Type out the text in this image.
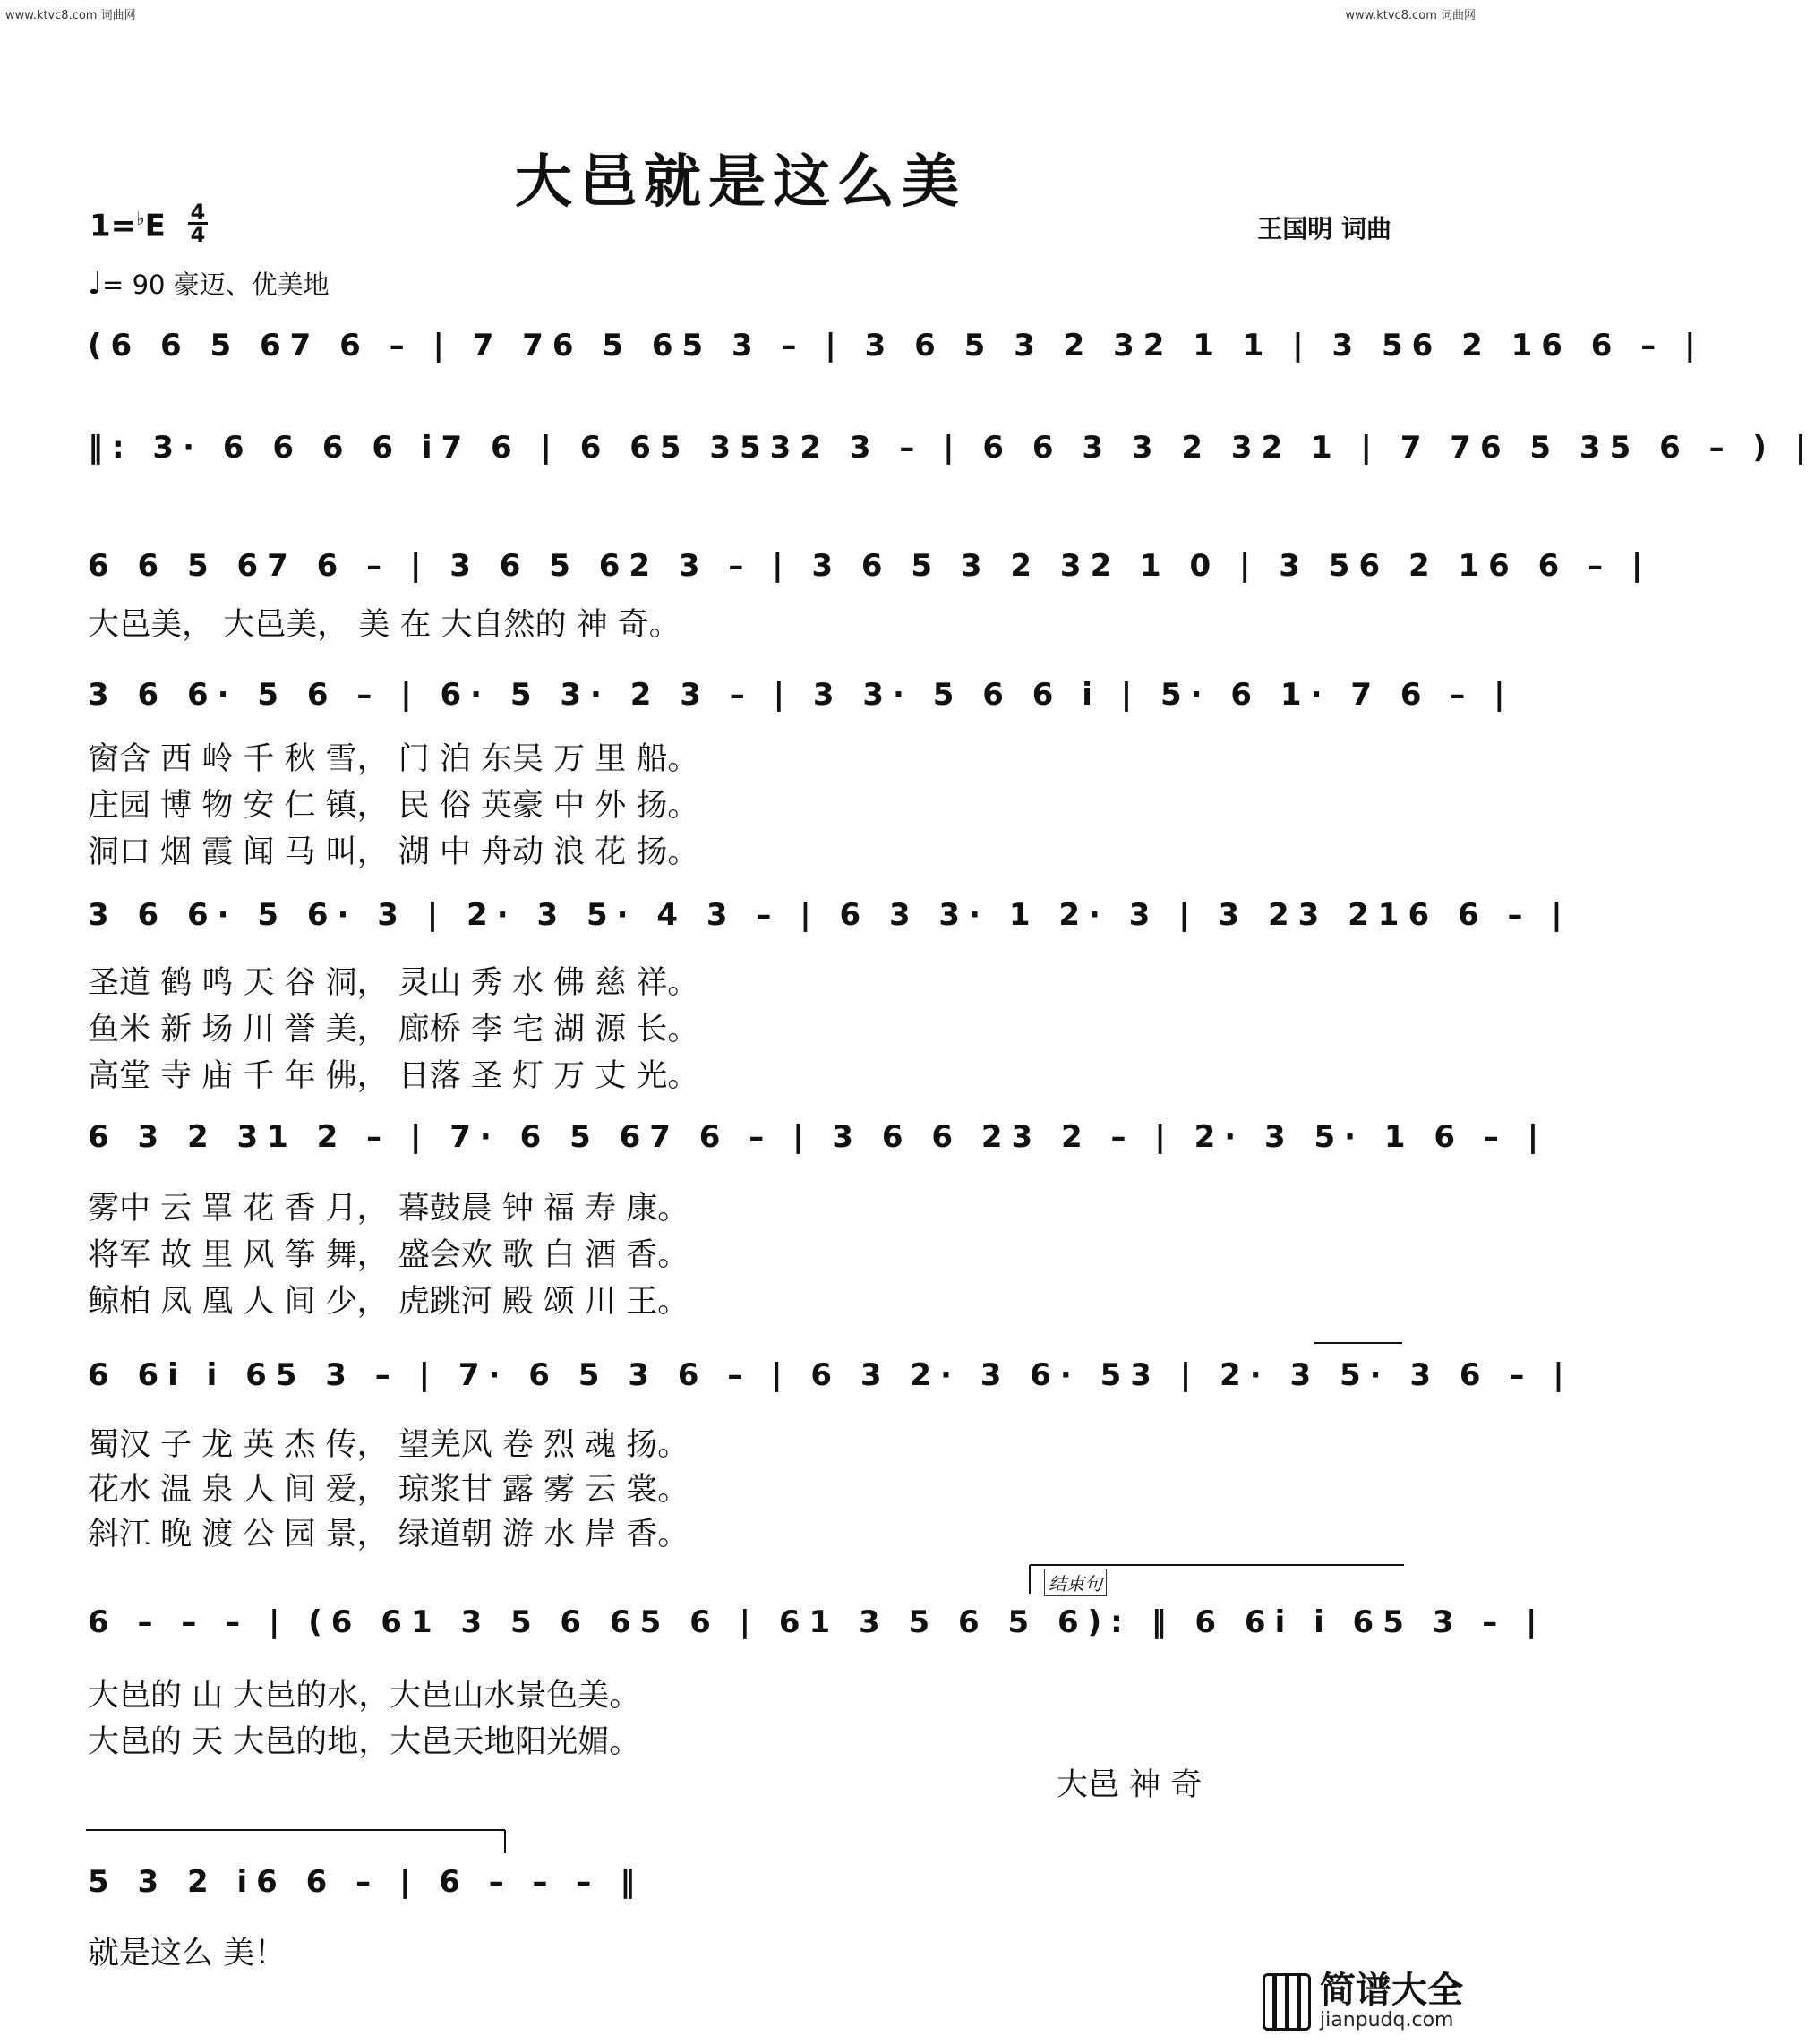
www.ktvc8.com 词曲网	www.ktvc8.com 词曲网
大邑就是这么美
王国明 词曲
1=♭E 4
4
♩= 90 豪迈、优美地
(6 6 5 67 6 – | 7 76 5 65 3 – | 3 6 5 3 2 32 1 1 | 3 56 2 16 6 – |
‖: 3· 6 6 6 6 i7 6 | 6 65 3532 3 – | 6 6 3 3 2 32 1 | 7 76 5 35 6 – ) |
6 6 5 67 6 – | 3 6 5 62 3 – | 3 6 5 3 2 32 1 0 | 3 56 2 16 6 – |
大邑美， 大邑美， 美 在 大自然的 神 奇。
3 6 6· 5 6 – | 6· 5 3· 2 3 – | 3 3· 5 6 6 i | 5· 6 1· 7 6 – |
窗含 西 岭 千 秋 雪， 门 泊 东吴 万 里 船。
庄园 博 物 安 仁 镇， 民 俗 英豪 中 外 扬。
洞口 烟 霞 闻 马 叫， 湖 中 舟动 浪 花 扬。
3 6 6· 5 6· 3 | 2· 3 5· 4 3 – | 6 3 3· 1 2· 3 | 3 23 216 6 – |
圣道 鹤 鸣 天 谷 洞， 灵山 秀 水 佛 慈 祥。
鱼米 新 场 川 誉 美， 廊桥 李 宅 湖 源 长。
高堂 寺 庙 千 年 佛， 日落 圣 灯 万 丈 光。
6 3 2 31 2 – | 7· 6 5 67 6 – | 3 6 6 23 2 – | 2· 3 5· 1 6 – |
雾中 云 罩 花 香 月， 暮鼓晨 钟 福 寿 康。
将军 故 里 风 筝 舞， 盛会欢 歌 白 酒 香。
鲸柏 凤 凰 人 间 少， 虎跳河 殿 颂 川 王。
6 6i i 65 3 – | 7· 6 5 3 6 – | 6 3 2· 3 6· 53 | 2· 3 5· 3 6 – |
蜀汉 子 龙 英 杰 传， 望羌风 卷 烈 魂 扬。
花水 温 泉 人 间 爱， 琼浆甘 露 雾 云 裳。
斜江 晚 渡 公 园 景， 绿道朝 游 水 岸 香。
结束句
6 – – – | (6 61 3 5 6 65 6 | 61 3 5 6 5 6): ‖ 6 6i i 65 3 – |
大邑的 山 大邑的水，大邑山水景色美。
大邑的 天 大邑的地，大邑天地阳光媚。
大邑 神 奇
5 3 2 i6 6 – | 6 – – – ‖
就是这么 美！
简谱大全
jianpudq.com
